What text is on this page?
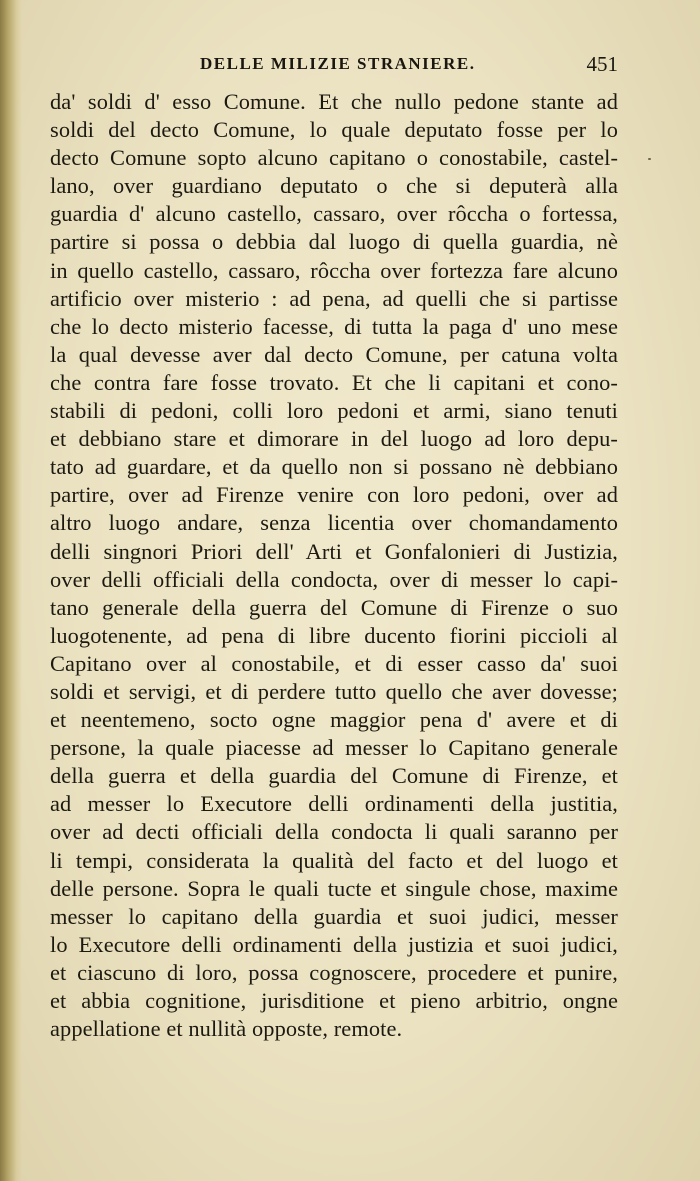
DELLE MILIZIE STRANIERE.	451
da' soldi d' esso Comune. Et che nullo pedone stante ad
soldi del decto Comune, lo quale deputato fosse per lo
decto Comune sopto alcuno capitano o conostabile, castel-
lano, over guardiano deputato o che si deputerà alla
guardia d' alcuno castello, cassaro, over rôccha o fortessa,
partire si possa o debbia dal luogo di quella guardia, nè
in quello castello, cassaro, rôccha over fortezza fare alcuno
artificio over misterio : ad pena, ad quelli che si partisse
che lo decto misterio facesse, di tutta la paga d' uno mese
la qual devesse aver dal decto Comune, per catuna volta
che contra fare fosse trovato. Et che li capitani et cono-
stabili di pedoni, colli loro pedoni et armi, siano tenuti
et debbiano stare et dimorare in del luogo ad loro depu-
tato ad guardare, et da quello non si possano nè debbiano
partire, over ad Firenze venire con loro pedoni, over ad
altro luogo andare, senza licentia over chomandamento
delli singnori Priori dell' Arti et Gonfalonieri di Justizia,
over delli officiali della condocta, over di messer lo capi-
tano generale della guerra del Comune di Firenze o suo
luogotenente, ad pena di libre ducento fiorini piccioli al
Capitano over al conostabile, et di esser casso da' suoi
soldi et servigi, et di perdere tutto quello che aver dovesse;
et neentemeno, socto ogne maggior pena d' avere et di
persone, la quale piacesse ad messer lo Capitano generale
della guerra et della guardia del Comune di Firenze, et
ad messer lo Executore delli ordinamenti della justitia,
over ad decti officiali della condocta li quali saranno per
li tempi, considerata la qualità del facto et del luogo et
delle persone. Sopra le quali tucte et singule chose, maxime
messer lo capitano della guardia et suoi judici, messer
lo Executore delli ordinamenti della justizia et suoi judici,
et ciascuno di loro, possa cognoscere, procedere et punire,
et abbia cognitione, jurisditione et pieno arbitrio, ongne
appellatione et nullità opposte, remote.
